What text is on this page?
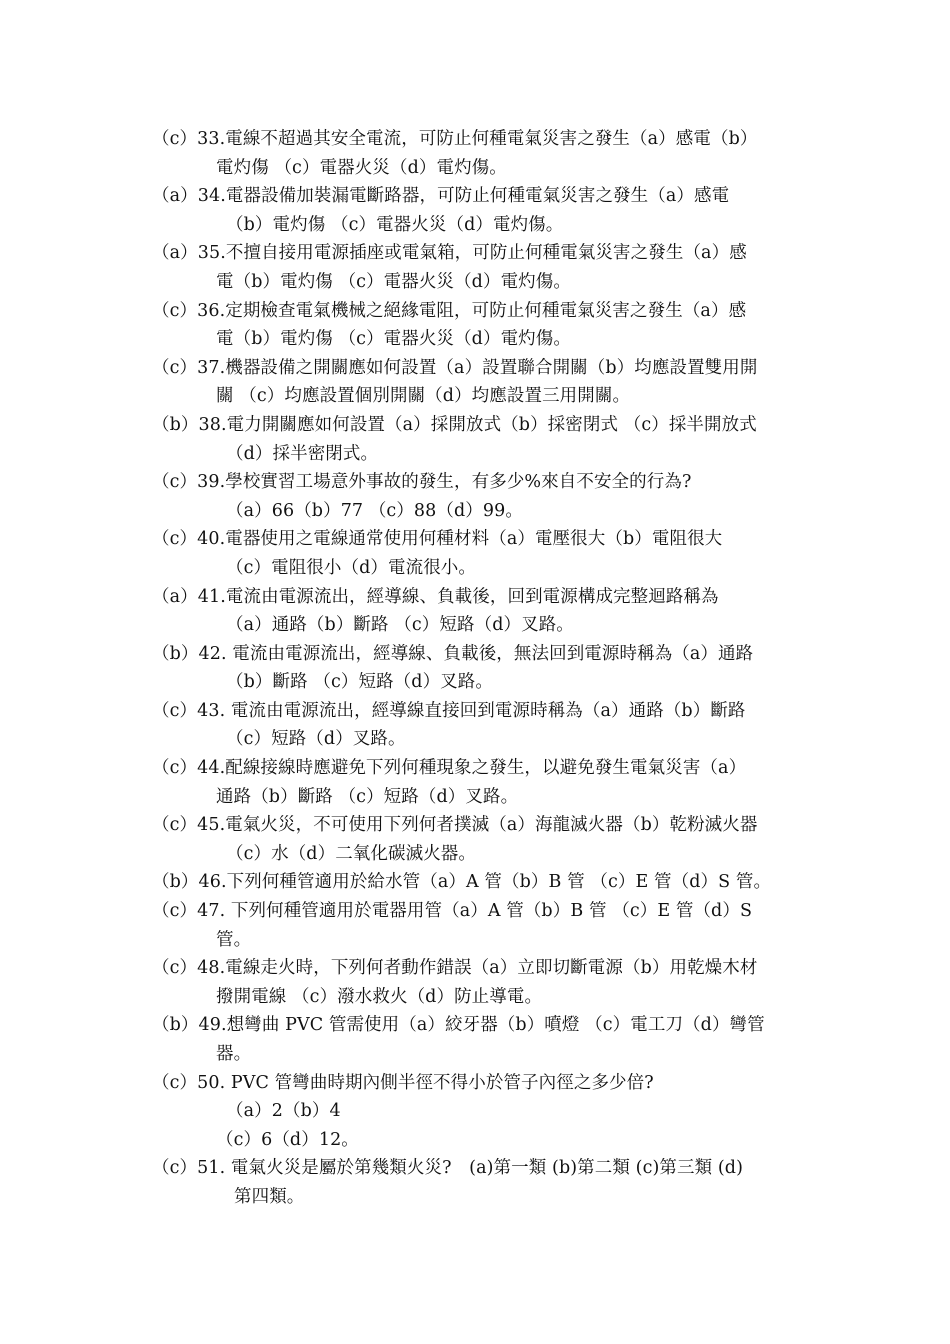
（c）33.電線不超過其安全電流，可防止何種電氣災害之發生（a）感電（b）
電灼傷 （c）電器火災（d）電灼傷。
（a）34.電器設備加裝漏電斷路器，可防止何種電氣災害之發生（a）感電
（b）電灼傷 （c）電器火災（d）電灼傷。
（a）35.不擅自接用電源插座或電氣箱，可防止何種電氣災害之發生（a）感
電（b）電灼傷 （c）電器火災（d）電灼傷。
（c）36.定期檢查電氣機械之絕緣電阻，可防止何種電氣災害之發生（a）感
電（b）電灼傷 （c）電器火災（d）電灼傷。
（c）37.機器設備之開關應如何設置（a）設置聯合開關（b）均應設置雙用開
關 （c）均應設置個別開關（d）均應設置三用開關。
（b）38.電力開關應如何設置（a）採開放式（b）採密閉式 （c）採半開放式
（d）採半密閉式。
（c）39.學校實習工場意外事故的發生，有多少%來自不安全的行為?
（a）66（b）77 （c）88（d）99。
（c）40.電器使用之電線通常使用何種材料（a）電壓很大（b）電阻很大
（c）電阻很小（d）電流很小。
（a）41.電流由電源流出，經導線、負載後，回到電源構成完整迴路稱為
（a）通路（b）斷路 （c）短路（d）叉路。
（b）42. 電流由電源流出，經導線、負載後，無法回到電源時稱為（a）通路
（b）斷路 （c）短路（d）叉路。
（c）43. 電流由電源流出，經導線直接回到電源時稱為（a）通路（b）斷路
（c）短路（d）叉路。
（c）44.配線接線時應避免下列何種現象之發生，以避免發生電氣災害（a）
通路（b）斷路 （c）短路（d）叉路。
（c）45.電氣火災，不可使用下列何者撲滅（a）海龍滅火器（b）乾粉滅火器
（c）水（d）二氧化碳滅火器。
（b）46.下列何種管適用於給水管（a）A 管（b）B 管 （c）E 管（d）S 管。
（c）47. 下列何種管適用於電器用管（a）A 管（b）B 管 （c）E 管（d）S
管。
（c）48.電線走火時，下列何者動作錯誤（a）立即切斷電源（b）用乾燥木材
撥開電線 （c）潑水救火（d）防止導電。
（b）49.想彎曲 PVC 管需使用（a）絞牙器（b）噴燈 （c）電工刀（d）彎管
器。
（c）50. PVC 管彎曲時期內側半徑不得小於管子內徑之多少倍?
（a）2（b）4
（c）6（d）12。
（c）51. 電氣火災是屬於第幾類火災?　(a)第一類 (b)第二類 (c)第三類 (d)
第四類。
